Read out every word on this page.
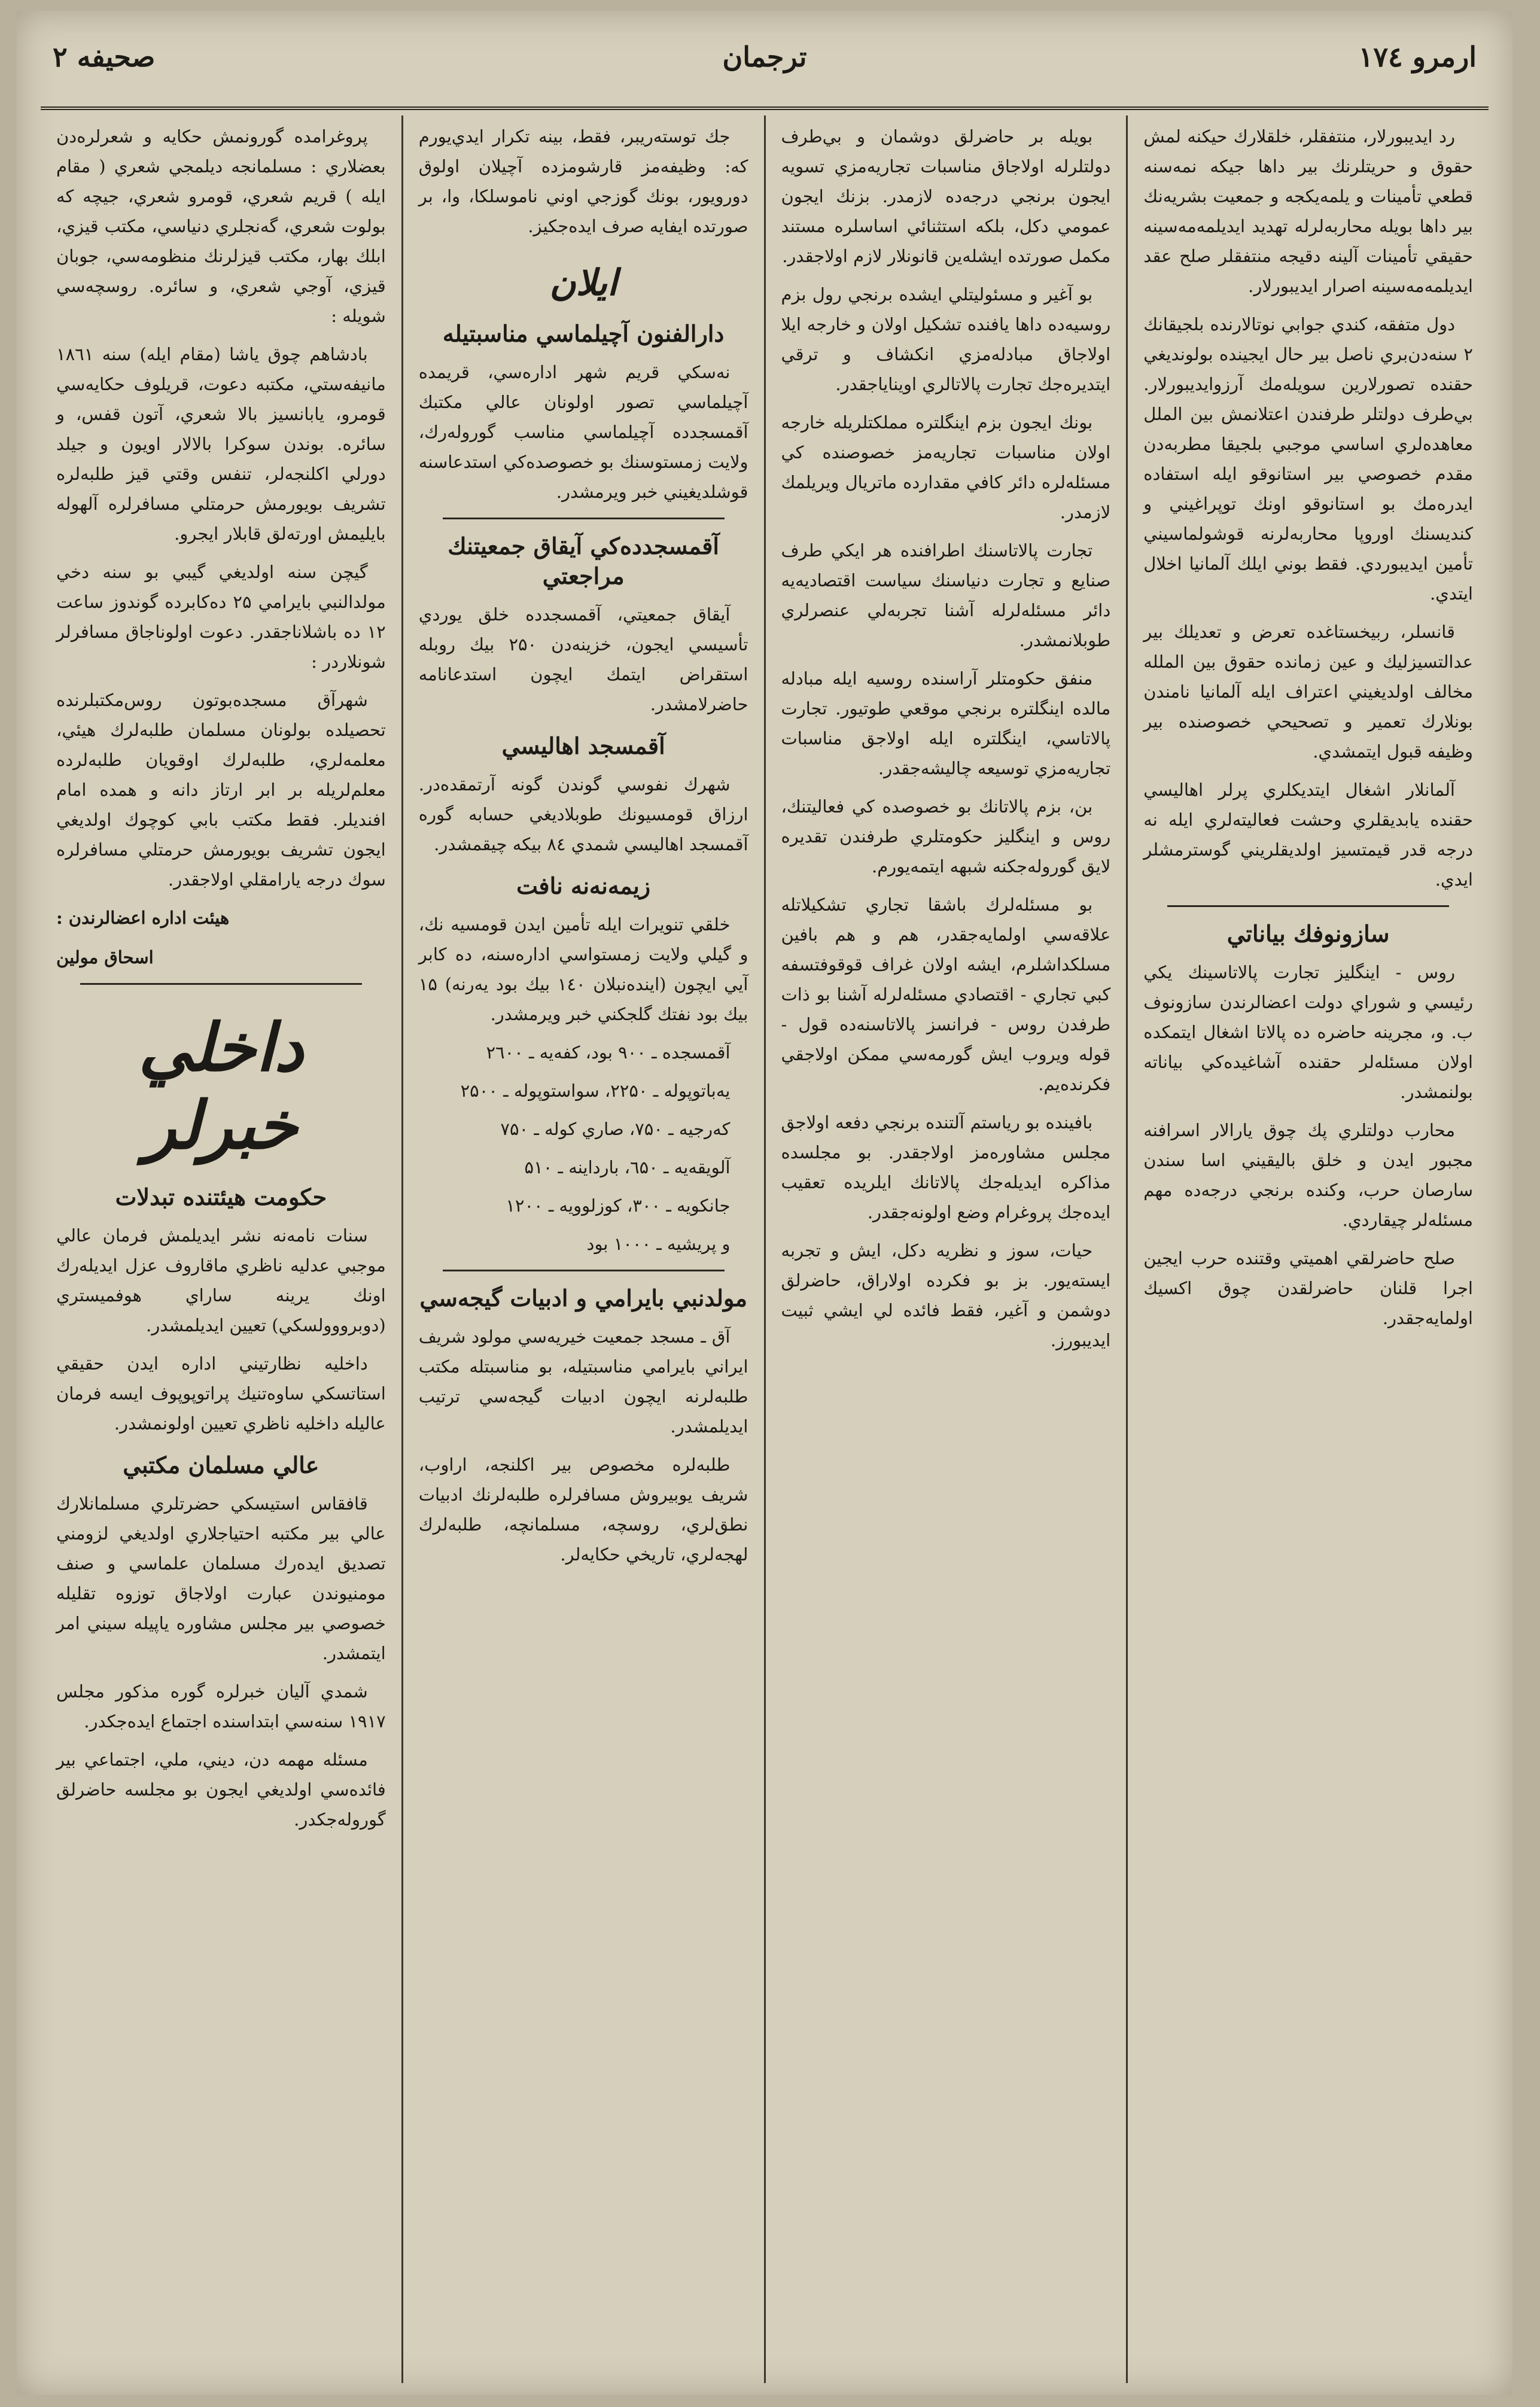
ارمرو ۱۷٤
ترجمان
صحيفه ۲

رد ايديبورلار، منتفقلر، خلقلارك حيكنه لمش حقوق و حريتلرنك بير داها جيكه نمه‌سنه قطعي تأمينات و يلمه‌يكجه و جمعيت بشريه‌نك بير داها بويله محاربه‌لرله تهديد ايديلمه‌مه‌سينه حقيقي تأمينات آلينه دقيجه منتفقلر صلح عقد ايديلمه‌مه‌سينه اصرار ايديبورلار.

دول متفقه، كندي جوابي نوتالارنده بلجيقانك ۲ سنه‌دن‌بري نا‌صل بير حال ايجينده بولونديغي حقنده تصورلارين سويله‌مك آرزوايديبورلار. بي‌طرف دولتلر طرفندن اعتلانمش بين الملل معاهده‌لري اساسي موجبي بلجيقا مطربه‌دن مقدم خصوصي بير استانوقو ايله استفاده ايدره‌مك بو استانوقو اونك توپراغيني و كنديسنك اوروپا محاربه‌لرنه قوشولماسيني تأمين ايديبوردي. فقط بوني ايلك آلمانيا اخلال ايتدي.

قانسلر، ربيخستاغده تعرض و تعديلك بير عدالتسيزليك و عين زمانده حقوق بين الملله مخالف اولديغيني اعتراف ايله آلمانيا نامندن بونلارك تعمير و تصحيحي خصوصنده بير وظيفه قبول ايتمشدي.

آلمانلار اشغال ايتديكلري پرلر اهاليسي حقنده يابديقلري وحشت فعاليته‌لري ايله نه درجه قدر قيمتسيز اولديقلريني گوسترمشلر ايدي.

سازونوفك بياناتي

روس - اينگليز تجارت پالاتاسينك يكي رئيسي و شوراي دولت اعضالرندن سازونوف ب. و، مجرينه حاضره ده پالاتا اشغال ايتمكده اولان مسئله‌لر حقنده آشاغيده‌كي بياناته بولنمشدر.

محارب دولتلري پك چوق يارالار اسرافنه مجبور ايدن و خلق باليقيني اسا سندن سارصان حرب، وكنده برنجي درجه‌ده مهم مسئله‌لر چيقاردي.

صلح حاضرلقي اهميتي وقتنده حرب ايجين اجرا قلنان حاضرلقدن چوق اكسيك اولمايه‌جقدر.

بويله بر حاضرلق دوشمان و بي‌طرف دولتلرله اولاجاق مناسبات تجاريه‌مزي تسويه ايجون برنجي درجه‌ده لازمدر. بزنك ايجون عمومي دكل، بلكه استثنائي اساسلره مستند مكمل صورتده ايشله‌ين قانونلار لازم اولاجقدر.

بو آغير و مسئوليتلي ايشده برنجي رول بزم روسيه‌ده داها يافنده تشكيل اولان و خارجه ايلا اولاجاق مبادله‌مزي انكشاف و ترقي ايتديره‌جك تجارت پالاتالري اويناياجقدر.

بونك ايجون بزم اينگلتره مملكتلريله خارجه اولان مناسبات تجاريه‌مز خصوصنده كي مسئله‌لره دائر كافي مقدارده ماتريال ويريلمك لازمدر.

تجارت پالاتاسنك اطرافنده هر ايكي طرف صنايع و تجارت دنياسنك سياست اقتصاديه‌يه دائر مسئله‌لرله آشنا تجربه‌لي عنصرلري طوبلانمشدر.

منفق حكومتلر آراسنده روسيه ايله مبادله مالده اينگلتره برنجي موقعي طوتيور. تجارت پالاتاسي، اينگلتره ايله اولاجق مناسبات تجاريه‌مزي توسيعه چاليشه‌جقدر.

بن، بزم پالاتانك بو خصوصده كي فعاليتنك، روس و اينگليز حكومتلري طرفندن تقديره لايق گوروله‌جكنه شبهه ايتمه‌يورم.

بو مسئله‌لرك باشقا تجاري تشكيلاتله علاقه‌سي اولمايه‌جقدر، هم و هم بافين مسلكداشلرم، ايشه اولان غراف قوقوفتسفه كبي تجاري - اقتصادي مسئله‌لرله آشنا بو ذات طرفدن روس - فرانسز پالاتاسنه‌ده قول - قوله ويروب ايش گورمه‌سي ممكن اولاجقي فكرنده‌يم.

بافينده بو رياستم آلتنده برنجي دفعه اولاجق مجلس مشاوره‌مز اولاجقدر. بو مجلسده مذاكره ايديله‌جك پالاتانك ايلريده تعقيب ايده‌جك پروغرام وضع اولونه‌جقدر.

حيات، سوز و نظريه دكل، ايش و تجربه ايسته‌يور. بز بو فكرده اولاراق، حاضرلق دوشمن و آغير، فقط فائده لي ايشي ثبيت ايديبورز.

جك توسته‌ريبر، فقط، بينه تكرار ايدي‌يورم كه: وظيفه‌مز قارشومزده آچيلان اولوق دورويور، بونك گوزجي اوني ناموسلكا، وا، بر صورتده ايفايه صرف ايده‌جكيز.

ايلان
دارالفنون آچيلماسي مناسبتيله

نه‌سكي قريم شهر اداره‌سي، قريمده آچيلماسي تصور اولونان عالي مكتبك آقمسجدده آچيلماسي مناسب گوروله‌رك، ولايت زمستوسنك بو خصوصده‌كي استدعاسنه قوشلديغيني خبر ويرمشدر.

آقمسجدده‌كي آيقاق جمعيتنك مراجعتي

آيقاق جمعيتي، آقمسجدده خلق يوردي تأسيسي ايجون، خزينه‌دن ۲۵۰ بيك روبله استقراض ايتمك ايچون استدعانامه حاضرلامشدر.

آقمسجد اهاليسي

شهرك نفوسي گوندن گونه آرتمقده‌در. ارزاق قومسيونك طوبلاديغي حسابه گوره آقمسجد اهاليسي شمدي ۸٤ بيكه چيقمشدر.

زيمه‌نه‌نه نافت

خلقي تنويرات ايله تأمين ايدن قومسيه نك، و گيلي ولايت زمستواسي اداره‌سنه، ده كابر آيي ايچون (اينده‌نبلان ۱٤۰ بيك بود يه‌رنه) ۱۵ بيك بود نفتك گلجكني خبر ويرمشدر.

آقمسجده ـ ۹۰۰ بود، كفه‌يه ـ ۲٦۰۰

يه‌باتوپوله ـ ۲۲۵۰، سواستوپوله ـ ۲۵۰۰

كه‌رجيه ـ ۷۵۰، صاري كوله ـ ۷۵۰

آلويقه‌يه ـ ٦۵۰، بارداينه ـ ۵۱۰

جانكويه ـ ۳۰۰، كوزلوويه ـ ۱۲۰۰

و پريشيه ـ ۱۰۰۰ بود

مولدنبي بايرامي و ادبيات گيجه‌سي

آق ـ مسجد جمعيت خيريه‌سي مولود شريف ايراني بايرامي مناسبتيله، بو مناسبتله مكتب طلبه‌لرنه ايچون ادبيات گيجه‌سي ترتيب ايديلمشدر.

طلبه‌لره مخصوص بير اكلنجه، اراوب، شريف يوبيروش مسافرلره طلبه‌لرنك ادبيات نطق‌لري، روسچه، مسلمانچه، طلبه‌لرك لهجه‌لري، تاريخي حكايه‌لر.

پروغرامده گورونمش حكايه و شعرلره‌دن بعضلاري : مسلمانجه ديلمجي شعري ( مقام ايله ) قريم شعري، قومرو شعري، جيچه كه بولوت شعري، گه‌نجلري دنياسي، مكتب قيزي، ابلك بهار، مكتب قيزلرنك منظومه‌سي، جوبان قيزي، آوجي شعري، و سائره. روسچه‌سي شويله :

بادشاهم چوق ياشا (مقام ايله) سنه ۱۸٦۱ مانيفه‌ستي، مكتبه دعوت، قريلوف حكايه‌سي قومرو، يابانسيز بالا شعري، آتون قفس، و سائره. بوندن سوكرا بالالار اويون و جيلد دورلي اكلنجه‌لر، تنفس وقتي قيز طلبه‌لره تشريف بويورمش حرمتلي مسافرلره آلهوله بايليمش اورته‌لق قابلار ايجرو.

گيچن سنه اولديغي گيبي بو سنه دخي مولدالنبي بايرامي ۲۵ ده‌كابرده گوندوز ساعت ۱۲ ده باشلاناجقدر. دعوت اولوناجاق مسافرلر شونلاردر :

شهرآق مسجده‌بوتون روس‌مكتبلرنده تحصيلده بولونان مسلمان طلبه‌لرك هيئي، معلمه‌لري، طلبه‌لرك اوقويان طلبه‌لرده معلم‌لريله بر ابر ارتاز دانه و همده امام افنديلر. فقط مكتب بابي كوچوك اولديغي ايجون تشريف بويورمش حرمتلي مسافرلره سوك درجه يارامقلي اولاجقدر.

هيئت اداره اعضالرندن :
اسحاق مولين
داخلي خبرلر
حكومت هيئتنده تبدلات

سنات نامه‌نه نشر ايديلمش فرمان عالي موجبي عدليه ناظري ماقاروف عزل ايديله‌رك اونك يرينه ساراي هوفميستري (دوبرووولسكي) تعيين ايديلمشدر.

داخليه نظارتيني اداره ايدن حقيقي استاتسكي ساوه‌تنيك پراتوپوپوف ايسه فرمان عاليله داخليه ناظري تعيين اولونمشدر.

عالي مسلمان مكتبي

قافقاس استيسكي حضرتلري مسلمانلارك عالي بير مكتبه احتياجلاري اولديغي لزومني تصديق ايده‌رك مسلمان علماسي و صنف مومنيوندن عبارت اولاجاق توزوه تقليله خصوصي بير مجلس مشاوره ياپيله سيني امر ايتمشدر.

شمدي آليان خبرلره گوره مذكور مجلس ۱۹۱۷ سنه‌سي ابتداسنده اجتماع ايده‌جكدر.

مسئله مهمه دن، ديني، ملي، اجتماعي بير فائده‌سي اولديغي ايجون بو مجلسه حاضرلق گوروله‌جكدر.
